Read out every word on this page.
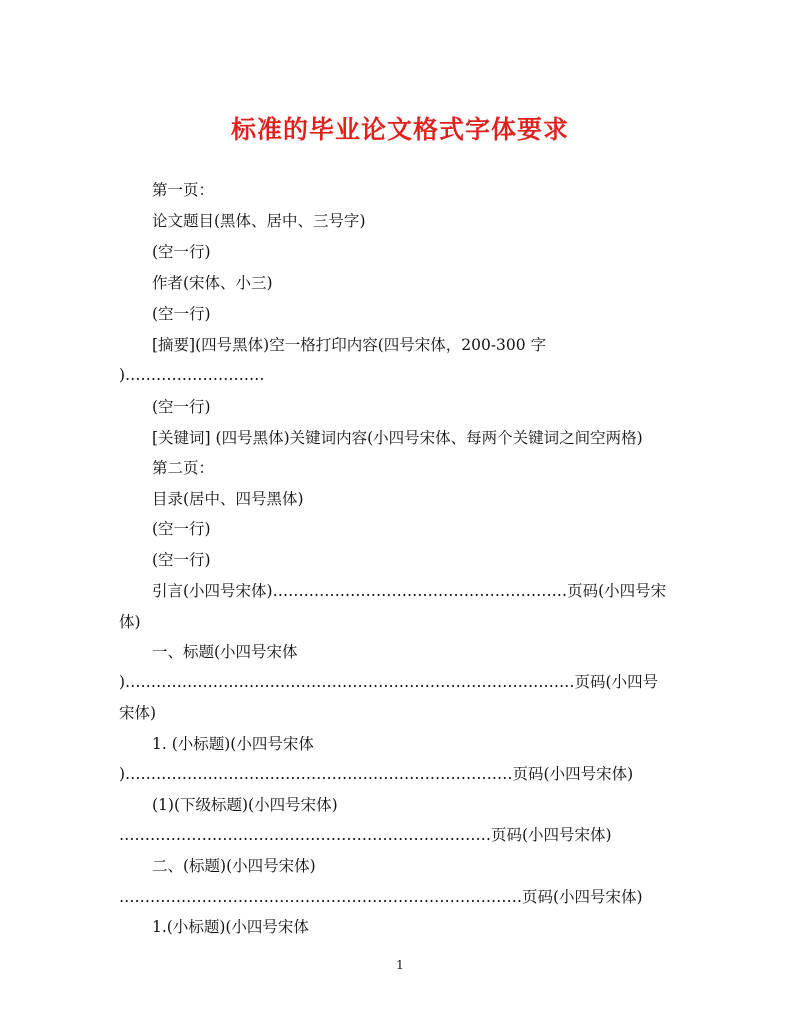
标准的毕业论文格式字体要求
第一页：
论文题目(黑体、居中、三号字)
(空一行)
作者(宋体、小三)
(空一行)
[摘要](四号黑体)空一格打印内容(四号宋体，200-300 字
)………………………
(空一行)
[关键词] (四号黑体)关键词内容(小四号宋体、每两个关键词之间空两格)
第二页：
目录(居中、四号黑体)
(空一行)
(空一行)
引言(小四号宋体)…………………………………………………页码(小四号宋
体)
一、标题(小四号宋体
)……………………………………………………………………………页码(小四号
宋体)
1. (小标题)(小四号宋体
)…………………………………………………………………页码(小四号宋体)
(1)(下级标题)(小四号宋体)
………………………………………………………………页码(小四号宋体)
二、(标题)(小四号宋体)
……………………………………………………………………页码(小四号宋体)
1.(小标题)(小四号宋体
1
